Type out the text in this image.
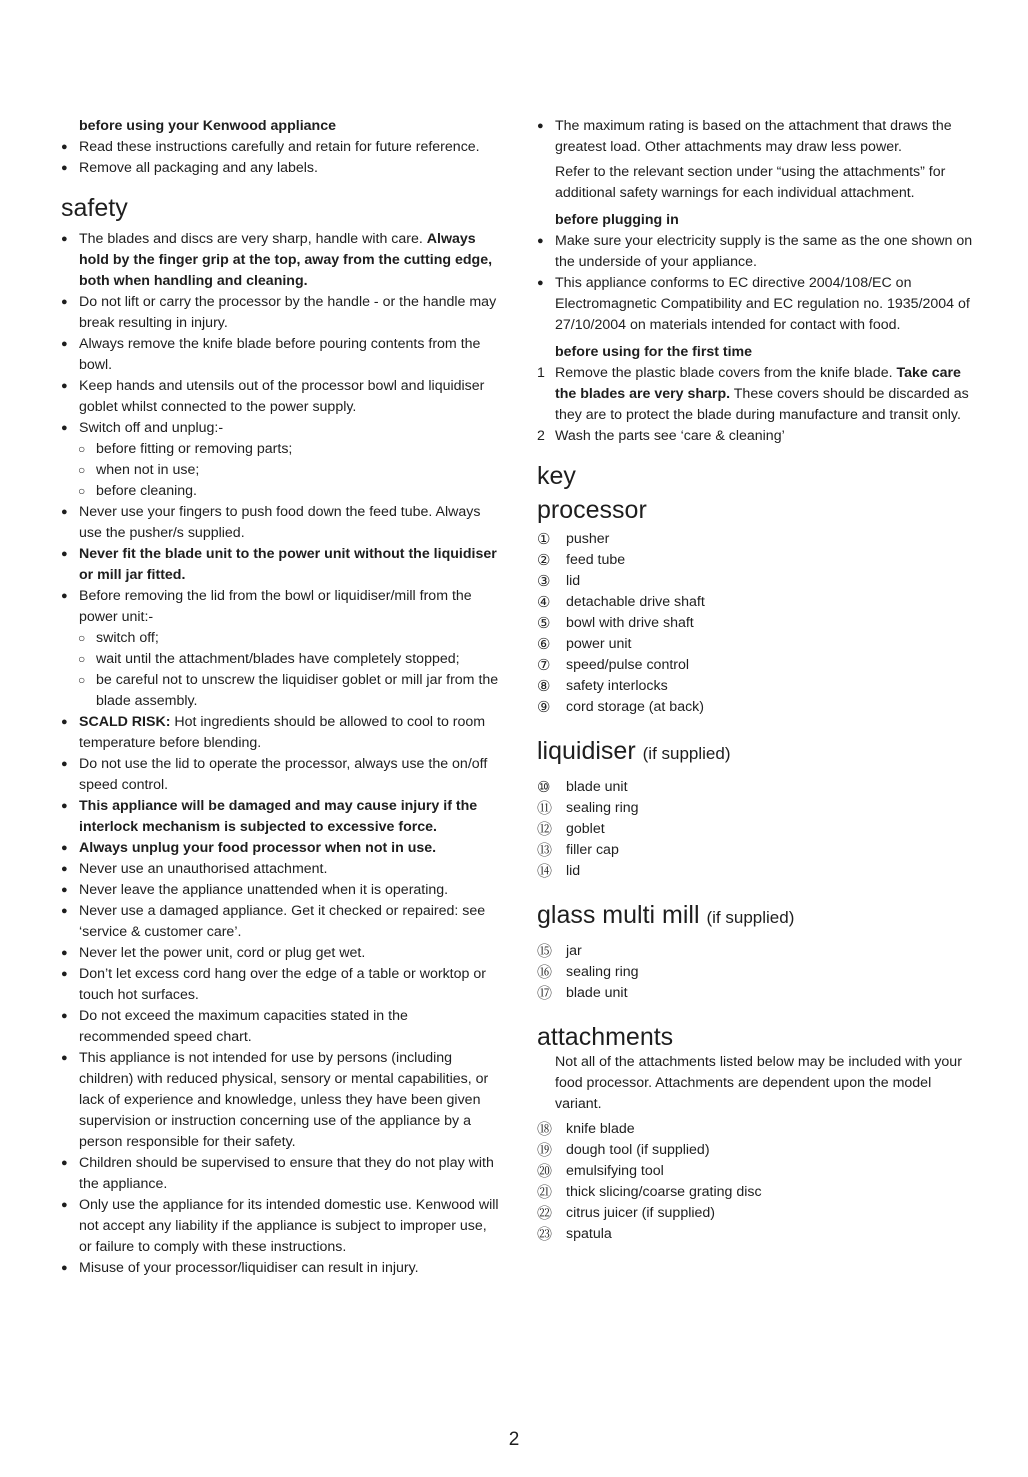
before using your Kenwood appliance
● Read these instructions carefully and retain for future reference.
● Remove all packaging and any labels.
safety
● The blades and discs are very sharp, handle with care. Always hold by the finger grip at the top, away from the cutting edge, both when handling and cleaning.
● Do not lift or carry the processor by the handle - or the handle may break resulting in injury.
● Always remove the knife blade before pouring contents from the bowl.
● Keep hands and utensils out of the processor bowl and liquidiser goblet whilst connected to the power supply.
● Switch off and unplug:-
○ before fitting or removing parts;
○ when not in use;
○ before cleaning.
● Never use your fingers to push food down the feed tube. Always use the pusher/s supplied.
● Never fit the blade unit to the power unit without the liquidiser or mill jar fitted.
● Before removing the lid from the bowl or liquidiser/mill from the power unit:-
○ switch off;
○ wait until the attachment/blades have completely stopped;
○ be careful not to unscrew the liquidiser goblet or mill jar from the blade assembly.
● SCALD RISK: Hot ingredients should be allowed to cool to room temperature before blending.
● Do not use the lid to operate the processor, always use the on/off speed control.
● This appliance will be damaged and may cause injury if the interlock mechanism is subjected to excessive force.
● Always unplug your food processor when not in use.
● Never use an unauthorised attachment.
● Never leave the appliance unattended when it is operating.
● Never use a damaged appliance. Get it checked or repaired: see ‘service & customer care’.
● Never let the power unit, cord or plug get wet.
● Don’t let excess cord hang over the edge of a table or worktop or touch hot surfaces.
● Do not exceed the maximum capacities stated in the recommended speed chart.
● This appliance is not intended for use by persons (including children) with reduced physical, sensory or mental capabilities, or lack of experience and knowledge, unless they have been given supervision or instruction concerning use of the appliance by a person responsible for their safety.
● Children should be supervised to ensure that they do not play with the appliance.
● Only use the appliance for its intended domestic use. Kenwood will not accept any liability if the appliance is subject to improper use, or failure to comply with these instructions.
● Misuse of your processor/liquidiser can result in injury.
● The maximum rating is based on the attachment that draws the greatest load. Other attachments may draw less power.
Refer to the relevant section under “using the attachments” for additional safety warnings for each individual attachment.
before plugging in
● Make sure your electricity supply is the same as the one shown on the underside of your appliance.
● This appliance conforms to EC directive 2004/108/EC on Electromagnetic Compatibility and EC regulation no. 1935/2004 of 27/10/2004 on materials intended for contact with food.
before using for the first time
1 Remove the plastic blade covers from the knife blade. Take care the blades are very sharp. These covers should be discarded as they are to protect the blade during manufacture and transit only.
2 Wash the parts see ‘care & cleaning’
key
processor
① pusher
② feed tube
③ lid
④ detachable drive shaft
⑤ bowl with drive shaft
⑥ power unit
⑦ speed/pulse control
⑧ safety interlocks
⑨ cord storage (at back)
liquidiser (if supplied)
⑩ blade unit
⑪ sealing ring
⑫ goblet
⑬ filler cap
⑭ lid
glass multi mill (if supplied)
⑮ jar
⑯ sealing ring
⑰ blade unit
attachments
Not all of the attachments listed below may be included with your food processor. Attachments are dependent upon the model variant.
⑱ knife blade
⑲ dough tool (if supplied)
⑳ emulsifying tool
㉑ thick slicing/coarse grating disc
㉒ citrus juicer (if supplied)
㉓ spatula
2
